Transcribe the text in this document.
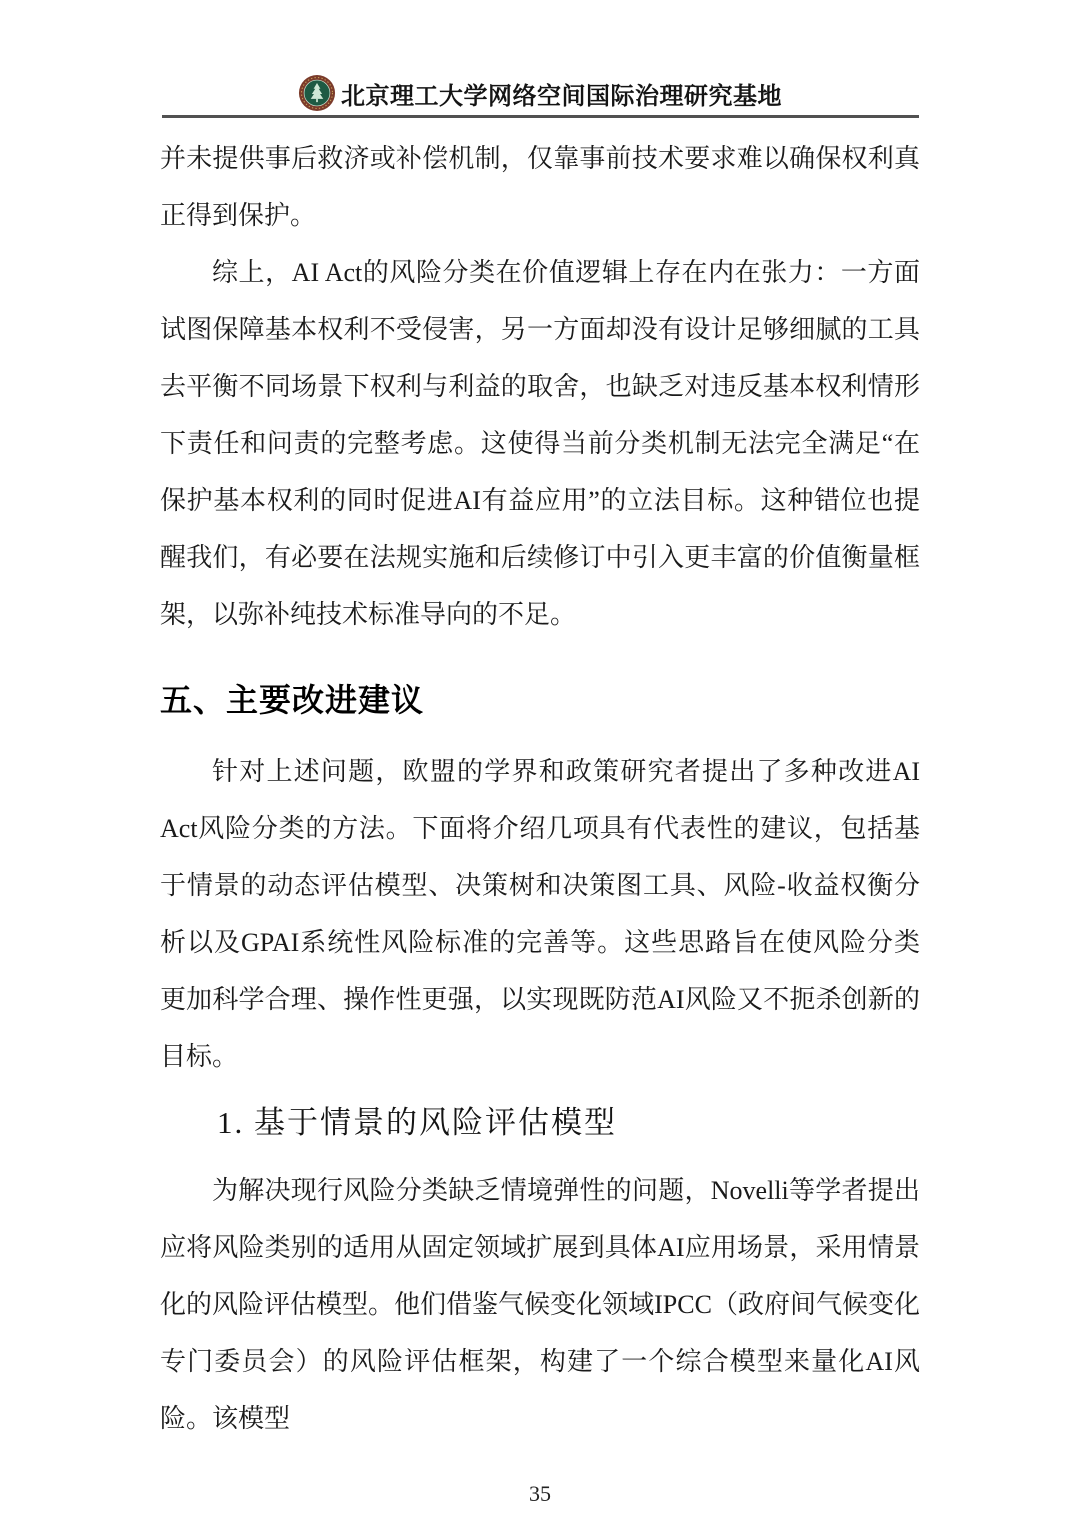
北京理工大学网络空间国际治理研究基地

并未提供事后救济或补偿机制，仅靠事前技术要求难以确保权利真正得到保护。

综上，AI Act的风险分类在价值逻辑上存在内在张力：一方面试图保障基本权利不受侵害，另一方面却没有设计足够细腻的工具去平衡不同场景下权利与利益的取舍，也缺乏对违反基本权利情形下责任和问责的完整考虑。这使得当前分类机制无法完全满足“在保护基本权利的同时促进AI有益应用”的立法目标。这种错位也提醒我们，有必要在法规实施和后续修订中引入更丰富的价值衡量框架，以弥补纯技术标准导向的不足。

五、主要改进建议

针对上述问题，欧盟的学界和政策研究者提出了多种改进AI Act风险分类的方法。下面将介绍几项具有代表性的建议，包括基于情景的动态评估模型、决策树和决策图工具、风险-收益权衡分析以及GPAI系统性风险标准的完善等。这些思路旨在使风险分类更加科学合理、操作性更强，以实现既防范AI风险又不扼杀创新的目标。

1. 基于情景的风险评估模型

为解决现行风险分类缺乏情境弹性的问题，Novelli等学者提出应将风险类别的适用从固定领域扩展到具体AI应用场景，采用情景化的风险评估模型。他们借鉴气候变化领域IPCC（政府间气候变化专门委员会）的风险评估框架，构建了一个综合模型来量化AI风险。该模型

35
